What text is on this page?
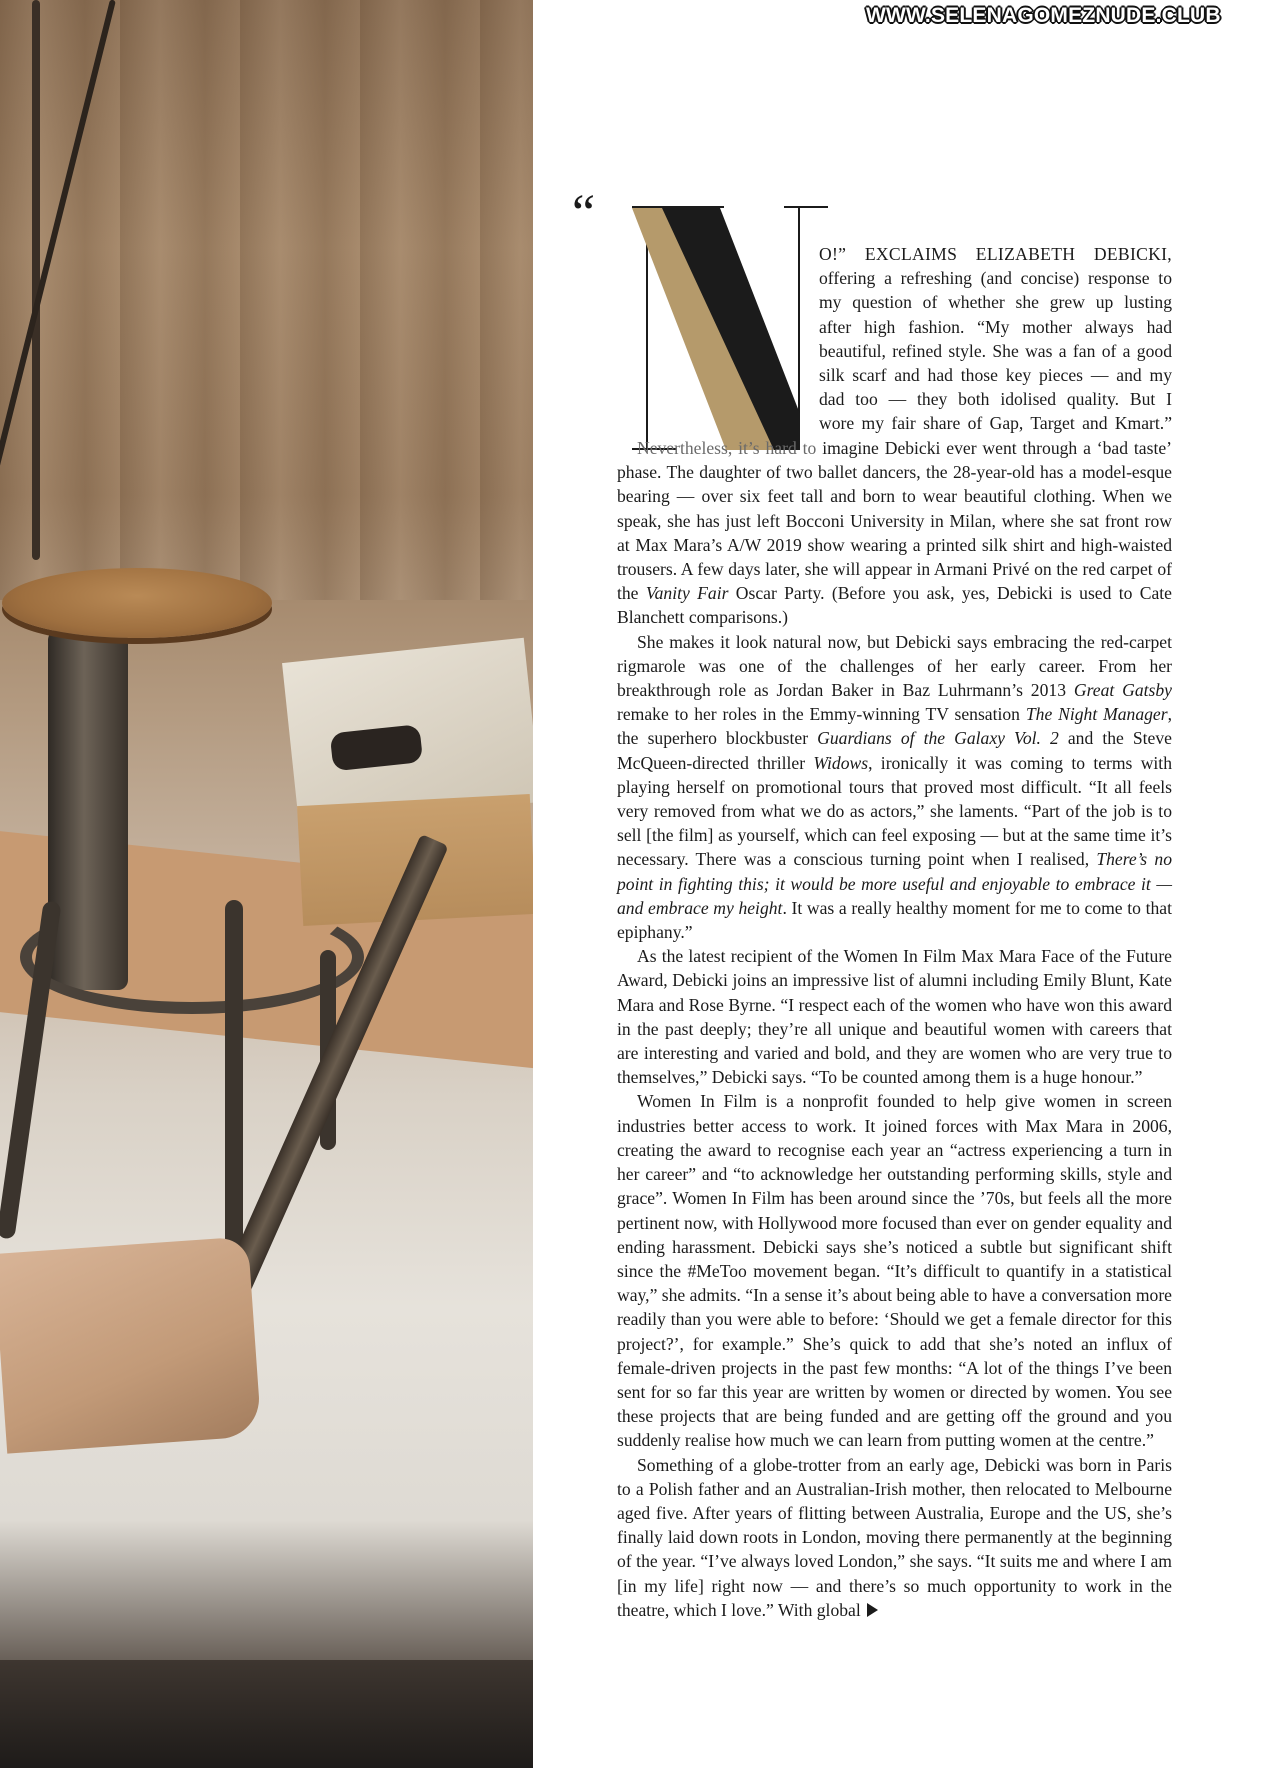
WWW.SELENAGOMEZNUDE.CLUB
“
O!” EXCLAIMS ELIZABETH DEBICKI,
offering a refreshing (and concise) response to
my question of whether she grew up lusting
after high fashion. “My mother always had
beautiful, refined style. She was a fan of a good
silk scarf and had those key pieces — and my
dad too — they both idolised quality. But I
wore my fair share of Gap, Target and Kmart.”

Nevertheless, it’s hard to imagine Debicki ever went through a ‘bad taste’ phase. The daughter of two ballet dancers, the 28-year-old has a model-esque bearing — over six feet tall and born to wear beautiful clothing. When we speak, she has just left Bocconi University in Milan, where she sat front row at Max Mara’s A/W 2019 show wearing a printed silk shirt and high-waisted trousers. A few days later, she will appear in Armani Privé on the red carpet of the Vanity Fair Oscar Party. (Before you ask, yes, Debicki is used to Cate Blanchett comparisons.)

She makes it look natural now, but Debicki says embracing the red-carpet rigmarole was one of the challenges of her early career. From her breakthrough role as Jordan Baker in Baz Luhrmann’s 2013 Great Gatsby remake to her roles in the Emmy-winning TV sensation The Night Manager, the superhero blockbuster Guardians of the Galaxy Vol. 2 and the Steve McQueen-directed thriller Widows, ironically it was coming to terms with playing herself on promotional tours that proved most difficult. “It all feels very removed from what we do as actors,” she laments. “Part of the job is to sell [the film] as yourself, which can feel exposing — but at the same time it’s necessary. There was a conscious turning point when I realised, There’s no point in fighting this; it would be more useful and enjoyable to embrace it — and embrace my height. It was a really healthy moment for me to come to that epiphany.”

As the latest recipient of the Women In Film Max Mara Face of the Future Award, Debicki joins an impressive list of alumni including Emily Blunt, Kate Mara and Rose Byrne. “I respect each of the women who have won this award in the past deeply; they’re all unique and beautiful women with careers that are interesting and varied and bold, and they are women who are very true to themselves,” Debicki says. “To be counted among them is a huge honour.”

Women In Film is a nonprofit founded to help give women in screen industries better access to work. It joined forces with Max Mara in 2006, creating the award to recognise each year an “actress experiencing a turn in her career” and “to acknowledge her outstanding performing skills, style and grace”. Women In Film has been around since the ’70s, but feels all the more pertinent now, with Hollywood more focused than ever on gender equality and ending harassment. Debicki says she’s noticed a subtle but significant shift since the #MeToo movement began. “It’s difficult to quantify in a statistical way,” she admits. “In a sense it’s about being able to have a conversation more readily than you were able to before: ‘Should we get a female director for this project?’, for example.” She’s quick to add that she’s noted an influx of female-driven projects in the past few months: “A lot of the things I’ve been sent for so far this year are written by women or directed by women. You see these projects that are being funded and are getting off the ground and you suddenly realise how much we can learn from putting women at the centre.”

Something of a globe-trotter from an early age, Debicki was born in Paris to a Polish father and an Australian-Irish mother, then relocated to Melbourne aged five. After years of flitting between Australia, Europe and the US, she’s finally laid down roots in London, moving there permanently at the beginning of the year. “I’ve always loved London,” she says. “It suits me and where I am [in my life] right now — and there’s so much opportunity to work in the theatre, which I love.” With global
